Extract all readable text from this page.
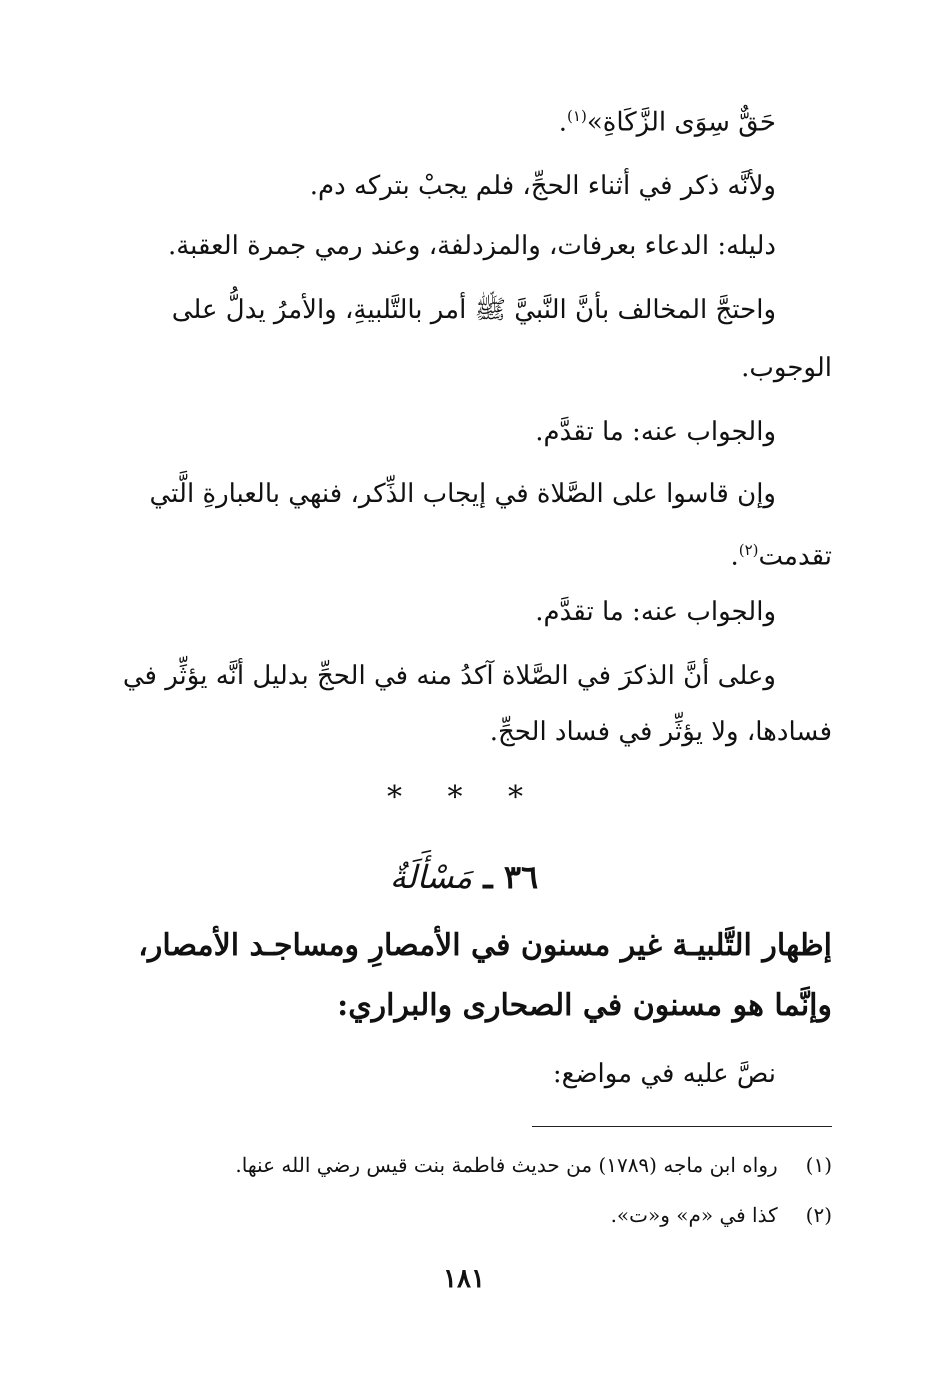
حَقٌّ سِوَى الزَّكَاةِ»$^{(١)}$.
ولأنَّه ذكر في أثناء الحجِّ، فلم يجبْ بتركه دم.
دليله: الدعاء بعرفات، والمزدلفة، وعند رمي جمرة العقبة.
واحتجَّ المخالف بأنَّ النَّبيَّ ﷺ أمر بالتَّلبيةِ، والأمرُ يدلُّ على
الوجوب.
والجواب عنه: ما تقدَّم.
وإن قاسوا على الصَّلاة في إيجاب الذِّكر، فنهي بالعبارةِ الَّتي
تقدمت$^{(٢)}$.
والجواب عنه: ما تقدَّم.
وعلى أنَّ الذكرَ في الصَّلاة آكدُ منه في الحجِّ بدليل أنَّه يؤثِّر في
فسادها، ولا يؤثِّر في فساد الحجِّ.
* * *
٣٦ ـ مَسْأَلَةٌ
إظهار التَّلبيـة غير مسنون في الأمصارِ ومساجـد الأمصار،
وإنَّما هو مسنون في الصحارى والبراري:
نصَّ عليه في مواضع:
(١) رواه ابن ماجه (١٧٨٩) من حديث فاطمة بنت قيس رضي الله عنها.
(٢) كذا في «م» و«ت».
١٨١
